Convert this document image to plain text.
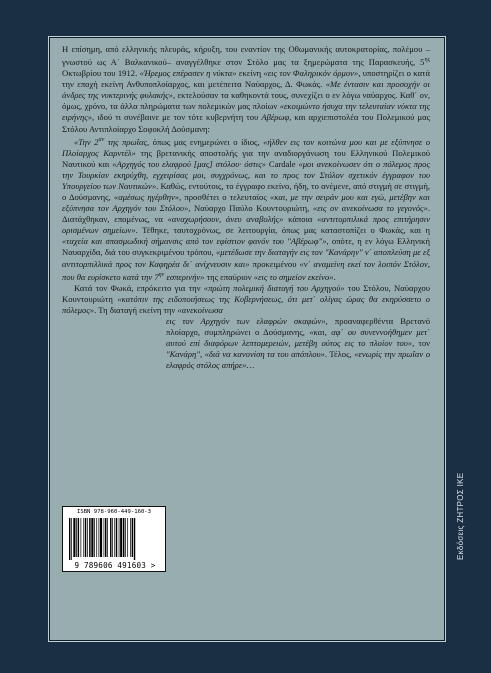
Η επίσημη, από ελληνικής πλευράς, κήρυξη, του εναντίον της Οθωμανικής αυτοκρατορίας, πολέμου –γνωστού ως Α΄ Βαλκανικού– αναγγέλθηκε στον Στόλο μας τα ξημερώματα της Παρασκευής, $5^{\eta\varsigma}$ Οκτωβρίου του 1912. «Ήρεμος επέρασεν η νύκτα» εκείνη «εις τον Φαληρικόν όρμον», υποστηρίζει ο κατά την εποχή εκείνη Ανθυποπλοίαρχος, και μετέπειτα Ναύαρχος, Δ. Φωκάς. «Με έντασιν και προσοχήν οι άνδρες της νυκτερινής φυλακής», εκτελούσαν τα καθηκοντά τους, συνεχίζει ο εν λόγω ναύαρχος. Καθ΄ ον, όμως, χρόνο, τα άλλα πληρώματα των πολεμικών μας πλοίων «εκοιμώντο ήσυχα την τελευταίαν νύκτα της ειρήνης», ιδού τι συνέβαινε με τον τότε κυβερνήτη του Αβέρωφ, και αρχιεπιστολέα του Πολεμικού μας Στόλου Αντιπλοίαρχο Σοφοκλή Δούσμανη:

«Την $2^{\alpha\nu}$ της πρωΐας, όπως μας ενημερώνει ο ίδιος, «ήλθεν εις τον κοιτώνα μου και με εξύπνησε ο Πλοίαρχος Καρντέλ» της βρετανικής αποστολής για την αναδιοργάνωση του Ελληνικού Πολεμικού Ναυτικού και «Αρχηγός του ελαφρού [μας] στόλου· όστις» Cardale «μοι ανεκοίνωσεν ότι ο πόλεμος προς την Τουρκίαν εκηρύχθη, εγχειρίσας μοι, συγχρόνως, και το προς τον Στόλον σχετικόν έγγραφον του Υπουργείου των Ναυτικών». Καθώς, εντούτοις, το έγγραφο εκείνο, ήδη, το ανέμενε, από στιγμή σε στιγμή, ο Δούσμανης, «αμέσως ηγέρθην», προσθέτει ο τελευταίος «και, με την σειράν μου και εγώ, μετέβην και εξύπνησα τον Αρχηγόν του Στόλου», Ναύαρχο Παύλο Κουντουριώτη, «εις ον ανεκοίνωσα το γεγονός». Διατάχθηκαν, επομένως, να «αναχωρήσουν, άνευ αναβολής» κάποια «αντιτορπιλικά προς επιτήρησιν ορισμένων σημείων». Τέθηκε, ταυτοχρόνως, σε λειτουργία, όπως μας καταστοπίζει ο Φωκάς, και η «ταχεία και σπασμωδική σήμανσις από τον εφίστιον φανόν του "Αβέρωφ"», οπότε, η εν λόγω Ελληνική Ναυαρχίδα, διά του συγκεκριμένου τρόπου, «μετέδωσε την διαταγήν εις τον "Κανάρην" ν΄ αποπλεύση με εξ αντιτορπιλλικά προς τον Καφηρέα δι΄ ανίχνευσιν και» προκειμένου «ν΄ αναμείνη εκεί τον λοιπόν Στόλον, που θα ευρίσκετο κατά την $7^{\eta\nu}$ εσπερινήν» της επαύριον «εις το σημείον εκείνο».

Κατά τον Φωκά, επρόκειτο για την «πρώτη πολεμική διαταγή του Αρχηγού» του Στόλου, Ναύαρχου Κουντουριώτη «κατόπιν της ειδοποιήσεως της Κυβερνήσεως, ότι μετ΄ ολίγας ώρας θα εκηρύσσετο ο πόλεμος». Τη διαταγή εκείνη την «ανεκοίνωσα

εις τον Αρχηγόν των ελαφρών σκαφών», προαναφερθέντα Βρετανό πλοίαρχο, συμπληρώνει ο Δούσμανης, «και, αφ΄ ου συνεννοήθημεν μετ΄ αυτού επί διαφόρων λεπτομερειών, μετέβη ούτος εις το πλοίον του», τον "Κανάρη", «διά να κανονίση τα του απόπλου». Τέλος, «ενωρίς την πρωΐαν ο ελαφρός στόλος απήρε»…

ISBN 978-960-449-160-3
9 789606 491603 >
Εκδόσεις ΖΗΤΡΟΣ ΙΚΕ
